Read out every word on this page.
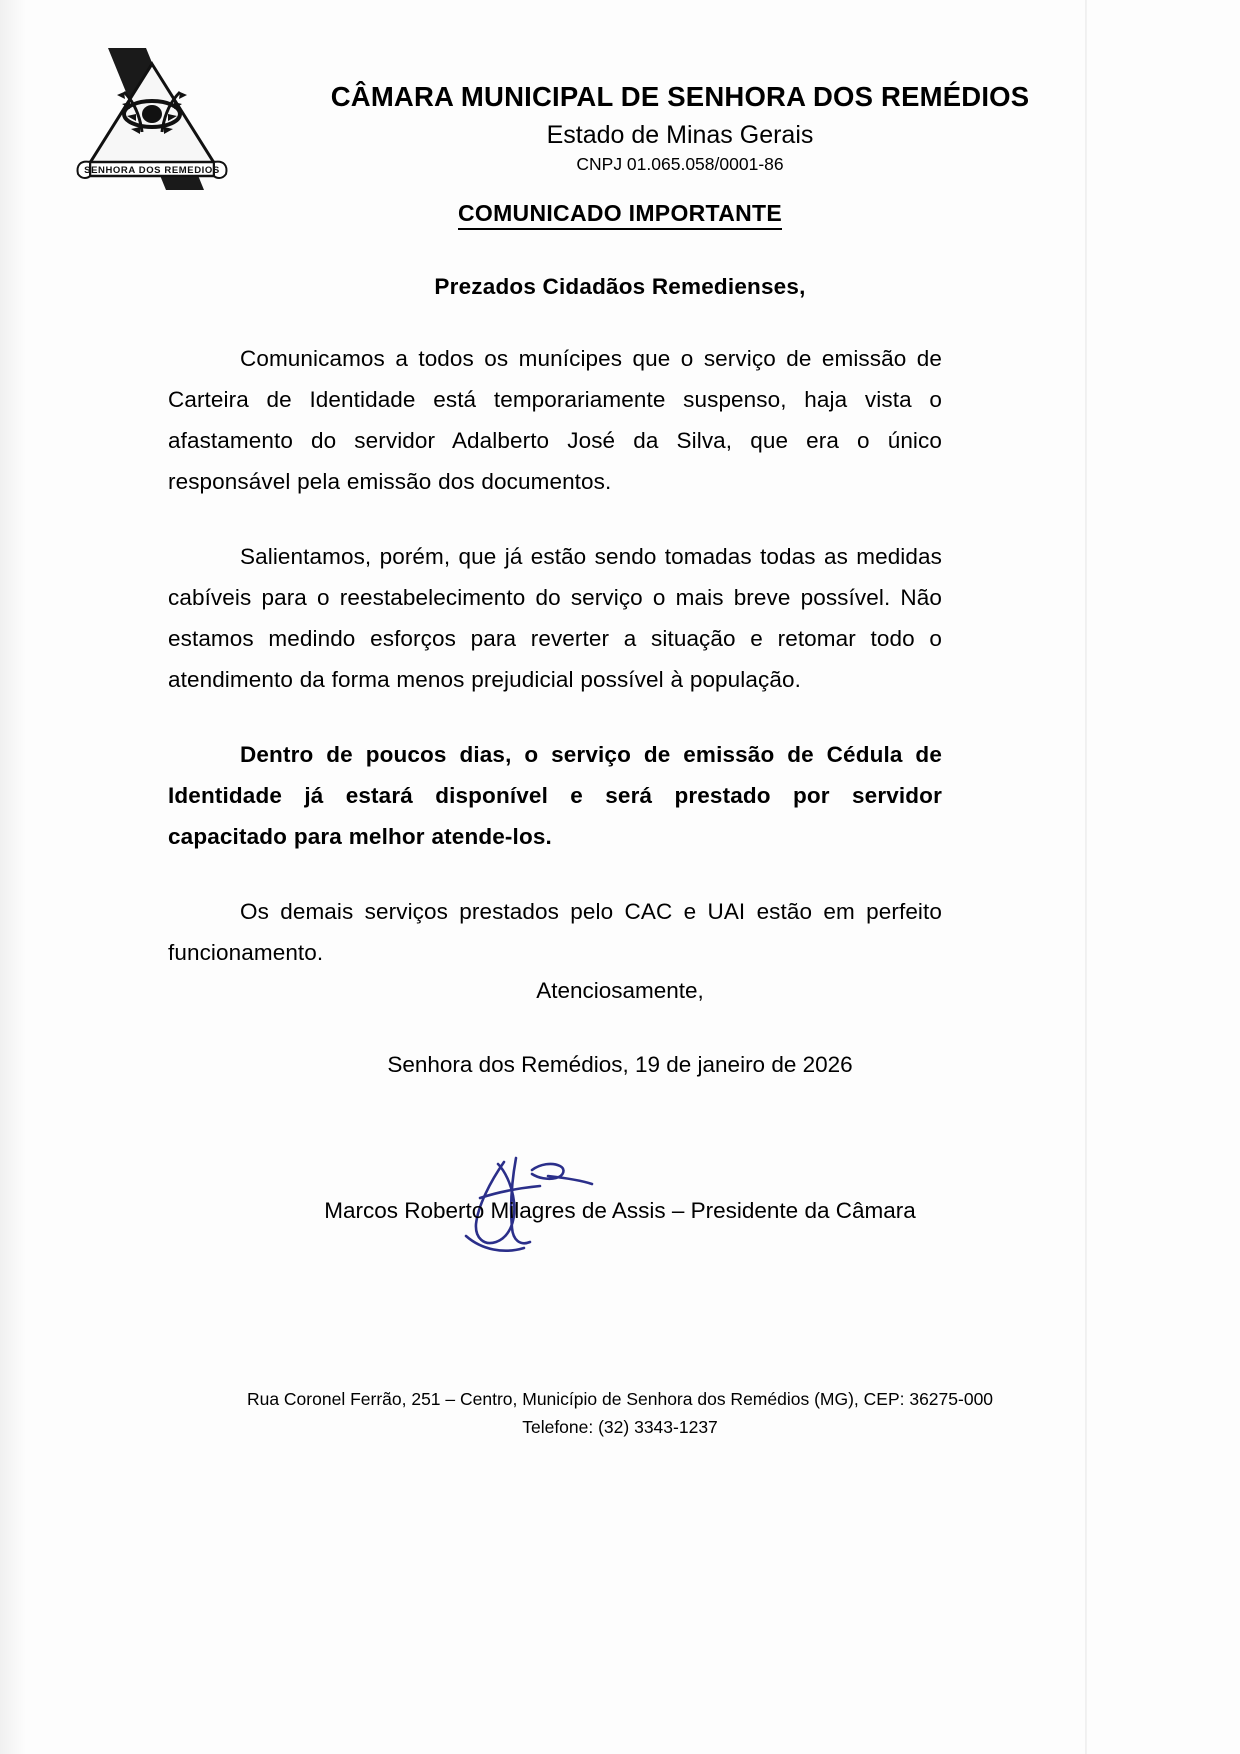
SENHORA DOS REMEDIOS
CÂMARA MUNICIPAL DE SENHORA DOS REMÉDIOS
Estado de Minas Gerais
CNPJ 01.065.058/0001-86
COMUNICADO IMPORTANTE
Prezados Cidadãos Remedienses,

Comunicamos a todos os munícipes que o serviço de emissão de Carteira de Identidade está temporariamente suspenso, haja vista o afastamento do servidor Adalberto José da Silva, que era o único responsável pela emissão dos documentos.

Salientamos, porém, que já estão sendo tomadas todas as medidas cabíveis para o reestabelecimento do serviço o mais breve possível. Não estamos medindo esforços para reverter a situação e retomar todo o atendimento da forma menos prejudicial possível à população.

Dentro de poucos dias, o serviço de emissão de Cédula de Identidade já estará disponível e será prestado por servidor capacitado para melhor atende-los.

Os demais serviços prestados pelo CAC e UAI estão em perfeito funcionamento.

Atenciosamente,
Senhora dos Remédios, 19 de janeiro de 2026
Marcos Roberto Milagres de Assis – Presidente da Câmara
Rua Coronel Ferrão, 251 – Centro, Município de Senhora dos Remédios (MG), CEP: 36275-000
Telefone: (32) 3343-1237
